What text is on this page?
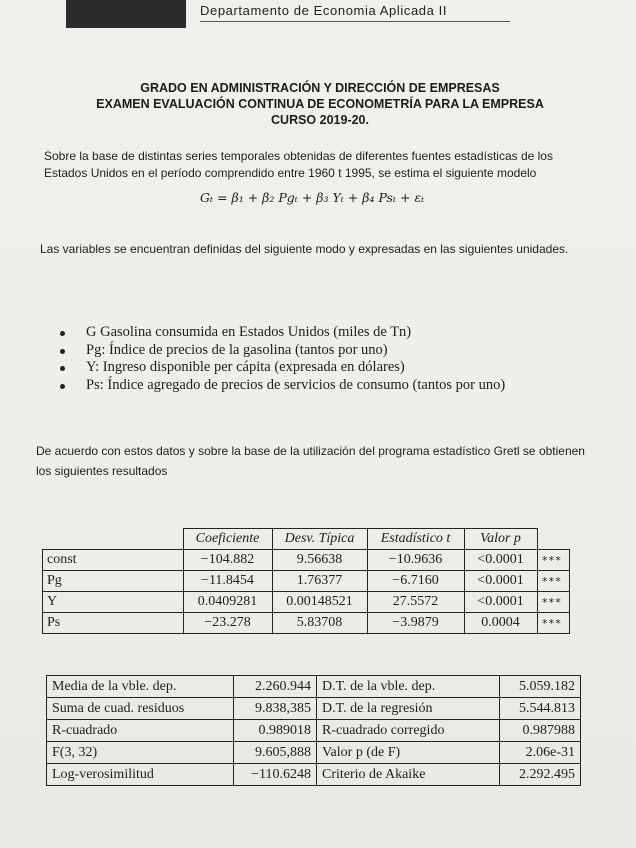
Departamento de Economia Aplicada II
GRADO EN ADMINISTRACIÓN Y DIRECCIÓN DE EMPRESAS
EXAMEN EVALUACIÓN CONTINUA DE ECONOMETRÍA PARA LA EMPRESA
CURSO 2019-20.
Sobre la base de distintas series temporales obtenidas de diferentes fuentes estadísticas de los Estados Unidos en el período comprendido entre 1960 t 1995, se estima el siguiente modelo
Gₜ = β₁ + β₂ Pgₜ + β₃ Yₜ + β₄ Psₜ + εₜ
Las variables se encuentran definidas del siguiente modo y expresadas en las siguientes unidades.
G Gasolina consumida en Estados Unidos (miles de Tn)
Pg: Índice de precios de la gasolina (tantos por uno)
Y: Ingreso disponible per cápita (expresada en dólares)
Ps: Índice agregado de precios de servicios de consumo (tantos por uno)
De acuerdo con estos datos y sobre la base de la utilización del programa estadístico Gretl se obtienen los siguientes resultados
	Coeficiente	Desv. Típica	Estadístico t	Valor p	
const	−104.882	9.56638	−10.9636	<0.0001	***
Pg	−11.8454	1.76377	−6.7160	<0.0001	***
Y	0.0409281	0.00148521	27.5572	<0.0001	***
Ps	−23.278	5.83708	−3.9879	0.0004	***
Media de la vble. dep.	2.260.944	D.T. de la vble. dep.	5.059.182
Suma de cuad. residuos	9.838,385	D.T. de la regresión	5.544.813
R-cuadrado	0.989018	R-cuadrado corregido	0.987988
F(3, 32)	9.605,888	Valor p (de F)	2.06e-31
Log-verosimilitud	−110.6248	Criterio de Akaike	2.292.495
